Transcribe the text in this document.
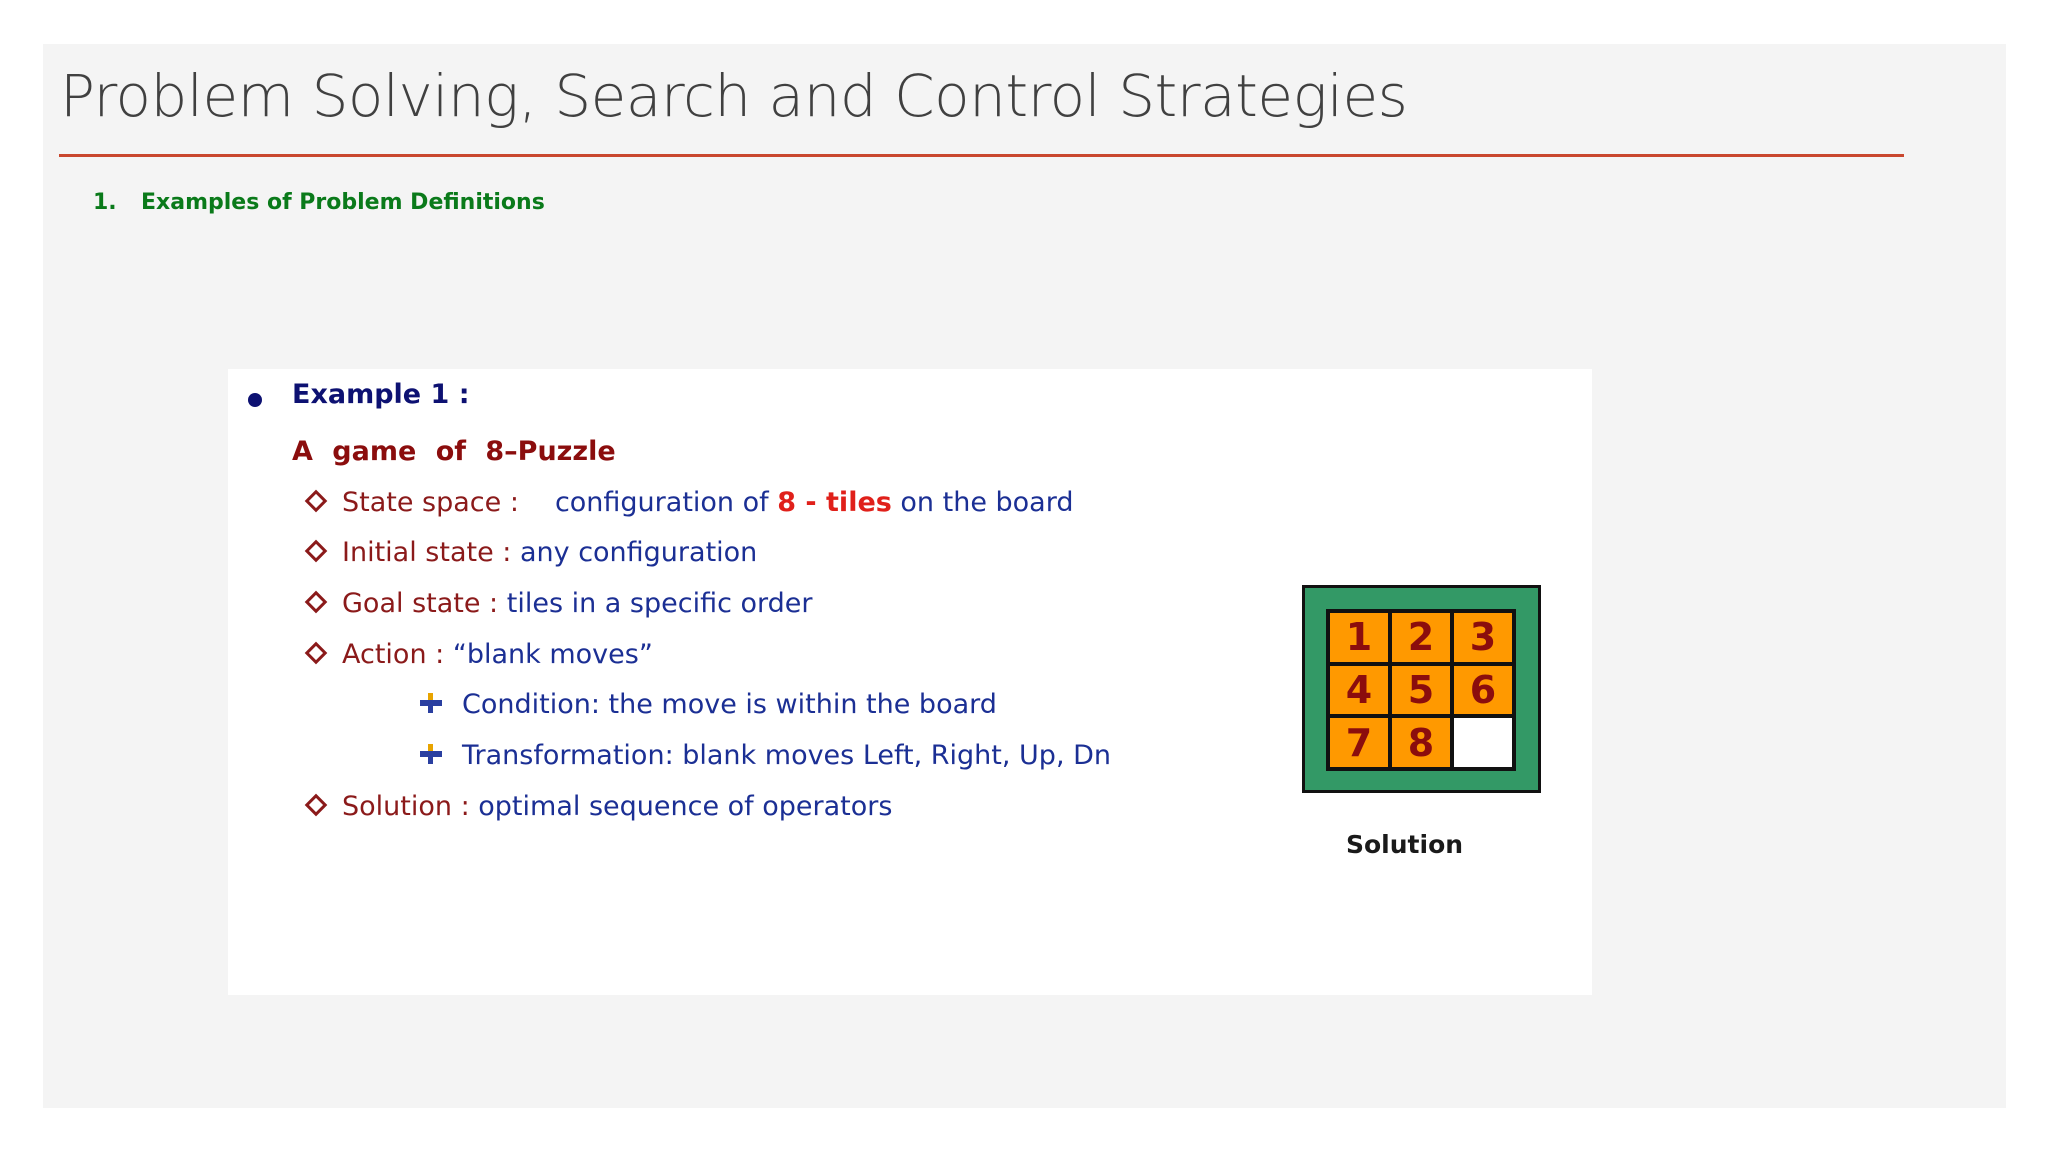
Problem Solving, Search and Control Strategies
1. Examples of Problem Definitions
Example 1 :
A game of 8–Puzzle
State space : configuration of 8 - tiles on the board
Initial state : any configuration
Goal state : tiles in a specific order
Action : “blank moves”
Condition: the move is within the board
Transformation: blank moves Left, Right, Up, Dn
Solution : optimal sequence of operators
1 2 3
4 5 6
7 8
Solution
